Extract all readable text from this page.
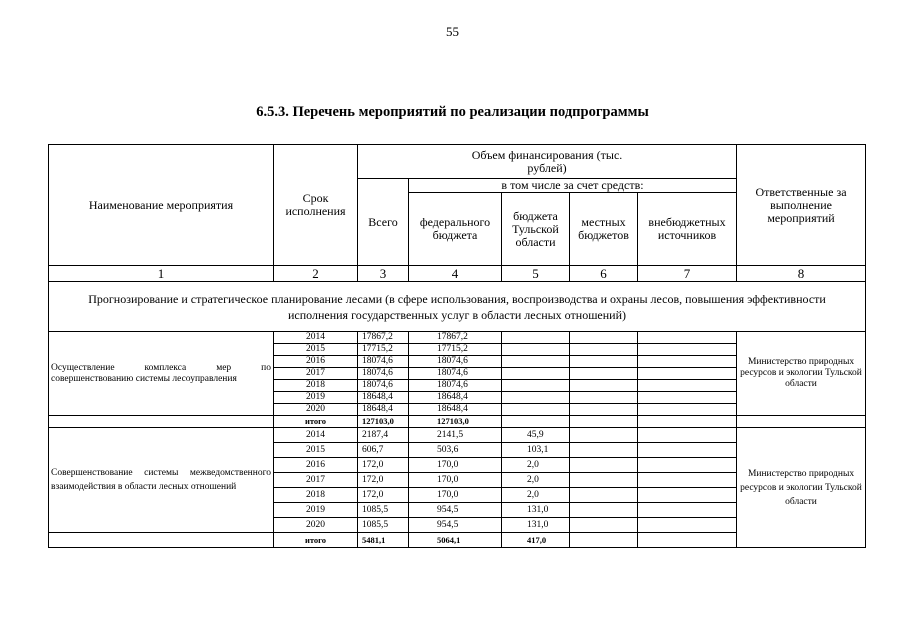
55
6.5.3. Перечень мероприятий по реализации подпрограммы
Наименование мероприятия	Срок исполнения	Объем финансирования (тыс. рублей)					Ответственные за выполнение мероприятий
		Всего	в том числе за счет средств:				
			федерального бюджета	бюджета Тульской области	местных бюджетов	внебюджетных источников	
1	2	3	4	5	6	7	8
Прогнозирование и стратегическое планирование лесами (в сфере использования, воспроизводства и охраны лесов, повышения эффективности исполнения государственных услуг в области лесных отношений)							
Осуществление комплекса мер по совершенствованию системы лесоуправления	2014	17867,2	17867,2				Министерство природных ресурсов и экологии Тульской области
	2015	17715,2	17715,2				
	2016	18074,6	18074,6				
	2017	18074,6	18074,6				
	2018	18074,6	18074,6				
	2019	18648,4	18648,4				
	2020	18648,4	18648,4				
	итого	127103,0	127103,0				
Совершенствование системы межведомственного взаимодействия в области лесных отношений	2014	2187,4	2141,5	45,9			Министерство природных ресурсов и экологии Тульской области
	2015	606,7	503,6	103,1			
	2016	172,0	170,0	2,0			
	2017	172,0	170,0	2,0			
	2018	172,0	170,0	2,0			
	2019	1085,5	954,5	131,0			
	2020	1085,5	954,5	131,0			
	итого	5481,1	5064,1	417,0			
